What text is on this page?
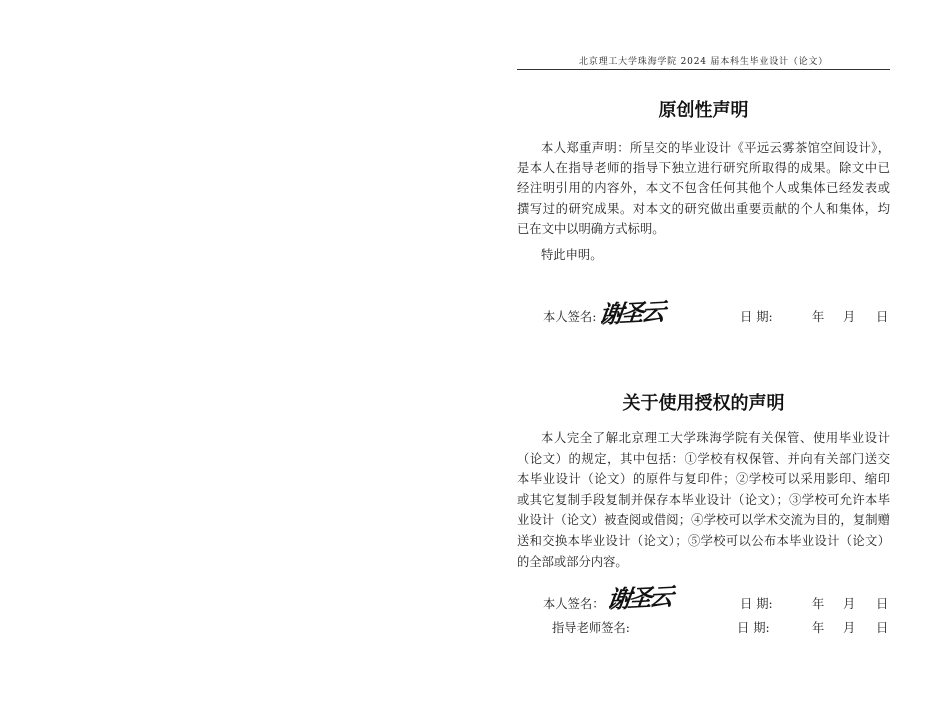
北京理工大学珠海学院 2024 届本科生毕业设计（论文）
原创性声明
本人郑重声明：所呈交的毕业设计《平远云雾茶馆空间设计》，
是本人在指导老师的指导下独立进行研究所取得的成果。除文中已
经注明引用的内容外，本文不包含任何其他个人或集体已经发表或
撰写过的研究成果。对本文的研究做出重要贡献的个人和集体，均
已在文中以明确方式标明。
特此申明。
本人签名: 谢圣云	日 期:	年 月 日
关于使用授权的声明
本人完全了解北京理工大学珠海学院有关保管、使用毕业设计
（论文）的规定，其中包括：①学校有权保管、并向有关部门送交
本毕业设计（论文）的原件与复印件；②学校可以采用影印、缩印
或其它复制手段复制并保存本毕业设计（论文）；③学校可允许本毕
业设计（论文）被查阅或借阅；④学校可以学术交流为目的，复制赠
送和交换本毕业设计（论文）；⑤学校可以公布本毕业设计（论文）
的全部或部分内容。
本人签名： 谢圣云	日 期:	年 月 日
指导老师签名:	日 期:	年 月 日
